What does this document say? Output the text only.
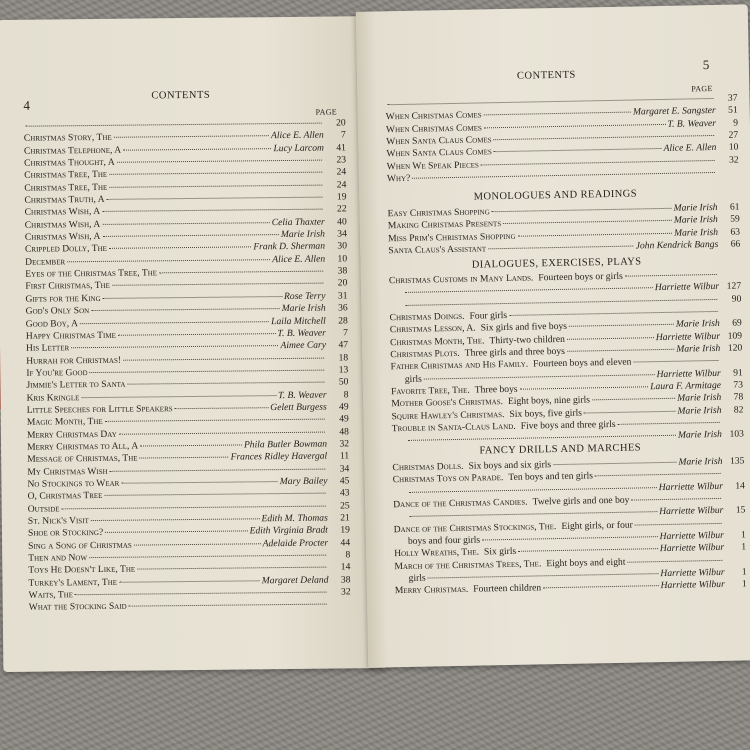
4
CONTENTS
PAGE
20
Christmas Story, The	Alice E. Allen	7
Christmas Telephone, A	Lucy Larcom	41
Christmas Thought, A	23
Christmas Tree, The	24
Christmas Tree, The	24
Christmas Truth, A	19
Christmas Wish, A	22
Christmas Wish, A	Celia Thaxter	40
Christmas Wish, A	Marie Irish	34
Crippled Dolly, The	Frank D. Sherman	30
December	Alice E. Allen	10
Eyes of the Christmas Tree, The	38
First Christmas, The	20
Gifts for the King	Rose Terry	31
God's Only Son	Marie Irish	36
Good Boy, A	Laila Mitchell	28
Happy Christmas Time	T. B. Weaver	7
His Letter	Aimee Cary	47
Hurrah for Christmas!	18
If You're Good	13
Jimmie's Letter to Santa	50
Kris Kringle	T. B. Weaver	8
Little Speeches for Little Speakers	Gelett Burgess	49
Magic Month, The	49
Merry Christmas Day	48
Merry Christmas to All, A	Phila Butler Bowman	32
Message of Christmas, The	Frances Ridley Havergal	11
My Christmas Wish	34
No Stockings to Wear	Mary Bailey	45
O, Christmas Tree	43
Outside	25
St. Nick's Visit	Edith M. Thomas	21
Shoe or Stocking?	Edith Virginia Bradt	19
Sing a Song of Christmas	Adelaide Procter	44
Then and Now	8
Toys He Doesn't Like, The	14
Turkey's Lament, The	Margaret Deland	38
Waits, The	32
What the Stocking Said
CONTENTS
5
PAGE
37
When Christmas Comes	Margaret E. Sangster	51
When Christmas Comes	T. B. Weaver	9
When Santa Claus Comes	27
When Santa Claus Comes	Alice E. Allen	10
When We Speak Pieces	32
Why?
MONOLOGUES AND READINGS
Easy Christmas Shopping	Marie Irish	61
Making Christmas Presents	Marie Irish	59
Miss Prim's Christmas Shopping	Marie Irish	63
Santa Claus's Assistant	John Kendrick Bangs	66
DIALOGUES, EXERCISES, PLAYS
Christmas Customs in Many Lands. Fourteen boys or girls
Harriette Wilbur 127
90
Christmas Doings. Four girls
Christmas Lesson, A. Six girls and five boys	Marie Irish	69
Christmas Month, The. Thirty-two children	Harriette Wilbur 109
Christmas Plots. Three girls and three boys	Marie Irish 120
Father Christmas and His Family. Fourteen boys and eleven
girls	Harriette Wilbur	91
Favorite Tree, The. Three boys	Laura F. Armitage	73
Mother Goose's Christmas. Eight boys, nine girls	Marie Irish	78
Squire Hawley's Christmas. Six boys, five girls	Marie Irish	82
Trouble in Santa-Claus Land. Five boys and three girls
Marie Irish 103
FANCY DRILLS AND MARCHES
Christmas Dolls. Six boys and six girls	Marie Irish 135
Christmas Toys on Parade. Ten boys and ten girls
Harriette Wilbur	14
Dance of the Christmas Candies. Twelve girls and one boy
Harriette Wilbur	15
Dance of the Christmas Stockings, The. Eight girls, or four
boys and four girls	Harriette Wilbur	1
Holly Wreaths, The. Six girls	Harriette Wilbur	1
March of the Christmas Trees, The. Eight boys and eight
girls	Harriette Wilbur	1
Merry Christmas. Fourteen children	Harriette Wilbur	1
